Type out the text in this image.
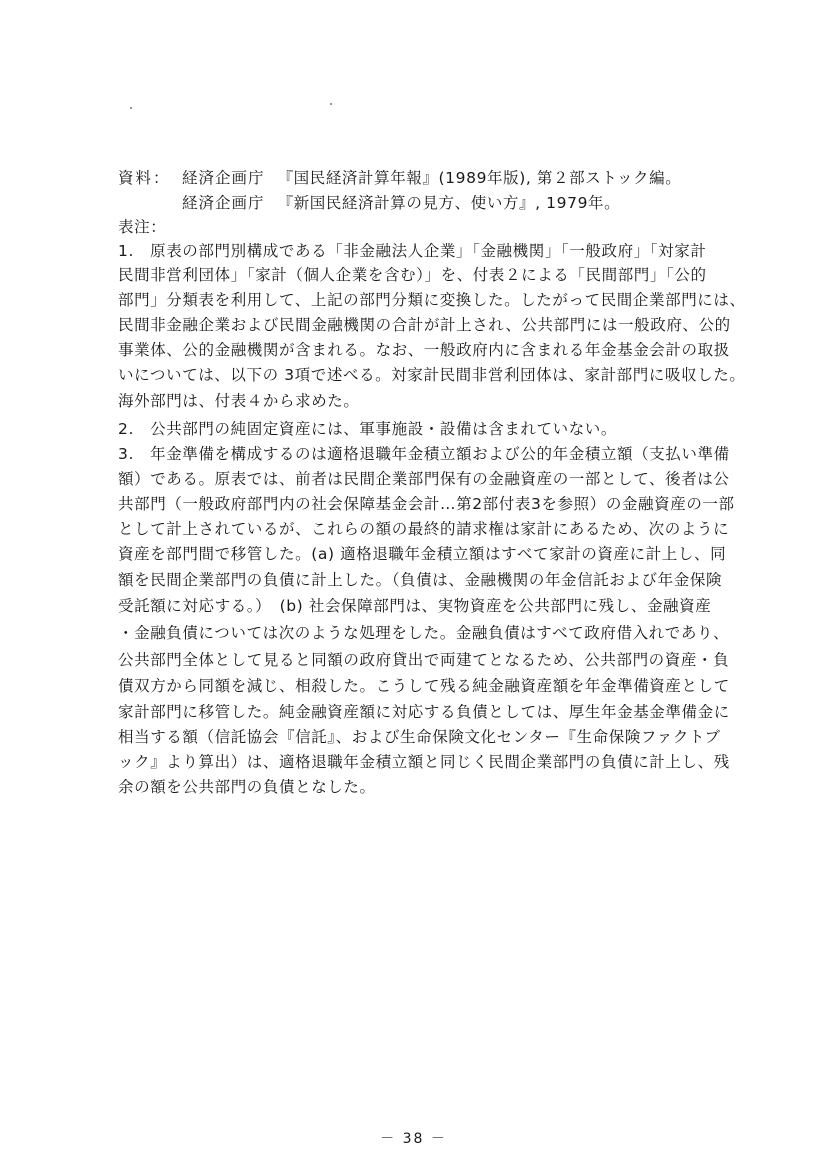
資料： 経済企画庁 『国民経済計算年報』(1989年版), 第２部ストック編。
経済企画庁 『新国民経済計算の見方、使い方』, 1979年。
表注：
1.　原表の部門別構成である「非金融法人企業」「金融機関」「一般政府」「対家計
民間非営利団体」「家計（個人企業を含む）」を、付表２による「民間部門」「公的
部門」分類表を利用して、上記の部門分類に変換した。したがって民間企業部門には、
民間非金融企業および民間金融機関の合計が計上され、公共部門には一般政府、公的
事業体、公的金融機関が含まれる。なお、一般政府内に含まれる年金基金会計の取扱
いについては、以下の 3項で述べる。対家計民間非営利団体は、家計部門に吸収した。
海外部門は、付表４から求めた。
2.　公共部門の純固定資産には、軍事施設・設備は含まれていない。
3.　年金準備を構成するのは適格退職年金積立額および公的年金積立額（支払い準備
額）である。原表では、前者は民間企業部門保有の金融資産の一部として、後者は公
共部門（一般政府部門内の社会保障基金会計…第2部付表3を参照）の金融資産の一部
として計上されているが、これらの額の最終的請求権は家計にあるため、次のように
資産を部門間で移管した。(a) 適格退職年金積立額はすべて家計の資産に計上し、同
額を民間企業部門の負債に計上した。（負債は、金融機関の年金信託および年金保険
受託額に対応する。）　(b) 社会保障部門は、実物資産を公共部門に残し、金融資産
・金融負債については次のような処理をした。金融負債はすべて政府借入れであり、
公共部門全体として見ると同額の政府貸出で両建てとなるため、公共部門の資産・負
債双方から同額を減じ、相殺した。こうして残る純金融資産額を年金準備資産として
家計部門に移管した。純金融資産額に対応する負債としては、厚生年金基金準備金に
相当する額（信託協会『信託』、および生命保険文化センター『生命保険ファクトブ
ック』より算出）は、適格退職年金積立額と同じく民間企業部門の負債に計上し、残
余の額を公共部門の負債となした。
－ 38 －
